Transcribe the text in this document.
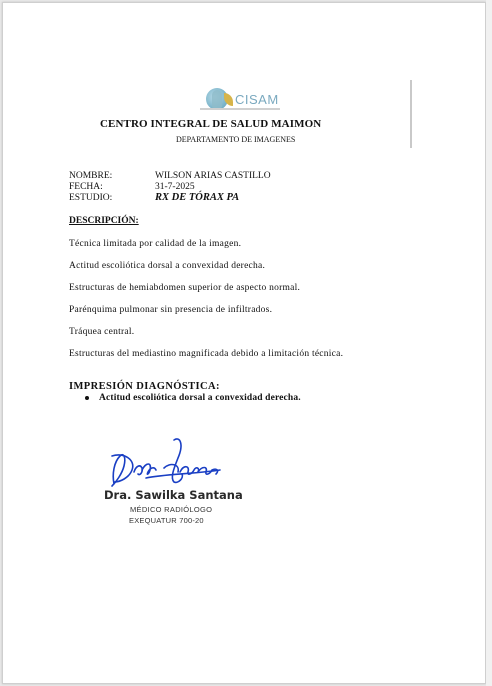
CISAM
CENTRO INTEGRAL DE SALUD MAIMON
DEPARTAMENTO DE IMAGENES
NOMBRE:	WILSON ARIAS CASTILLO
FECHA:	31-7-2025
ESTUDIO:	RX DE TÓRAX PA
DESCRIPCIÓN:
Técnica limitada por calidad de la imagen.
Actitud escoliótica dorsal a convexidad derecha.
Estructuras de hemiabdomen superior de aspecto normal.
Parénquima pulmonar sin presencia de infiltrados.
Tráquea central.
Estructuras del mediastino magnificada debido a limitación técnica.
IMPRESIÓN DIAGNÓSTICA:
Actitud escoliótica dorsal a convexidad derecha.
Dra. Sawilka Santana
MÉDICO RADIÓLOGO
EXEQUATUR 700-20
